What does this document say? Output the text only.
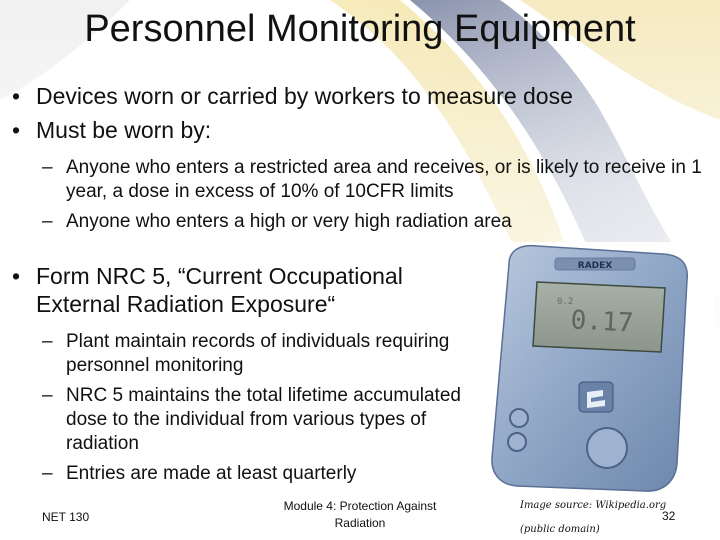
Personnel Monitoring Equipment
• Devices worn or carried by workers to measure dose
• Must be worn by:
– Anyone who enters a restricted area and receives, or is likely to receive in 1 year, a dose in excess of 10% of 10CFR limits
– Anyone who enters a high or very high radiation area
• Form NRC 5, “Current Occupational External Radiation Exposure“
– Plant maintain records of individuals requiring personnel monitoring
– NRC 5 maintains the total lifetime accumulated dose to the individual from various types of radiation
– Entries are made at least quarterly
RADEX
0.17
0.2
NET 130
Module 4: Protection Against Radiation
Image source: Wikipedia.org
(public domain)
32
